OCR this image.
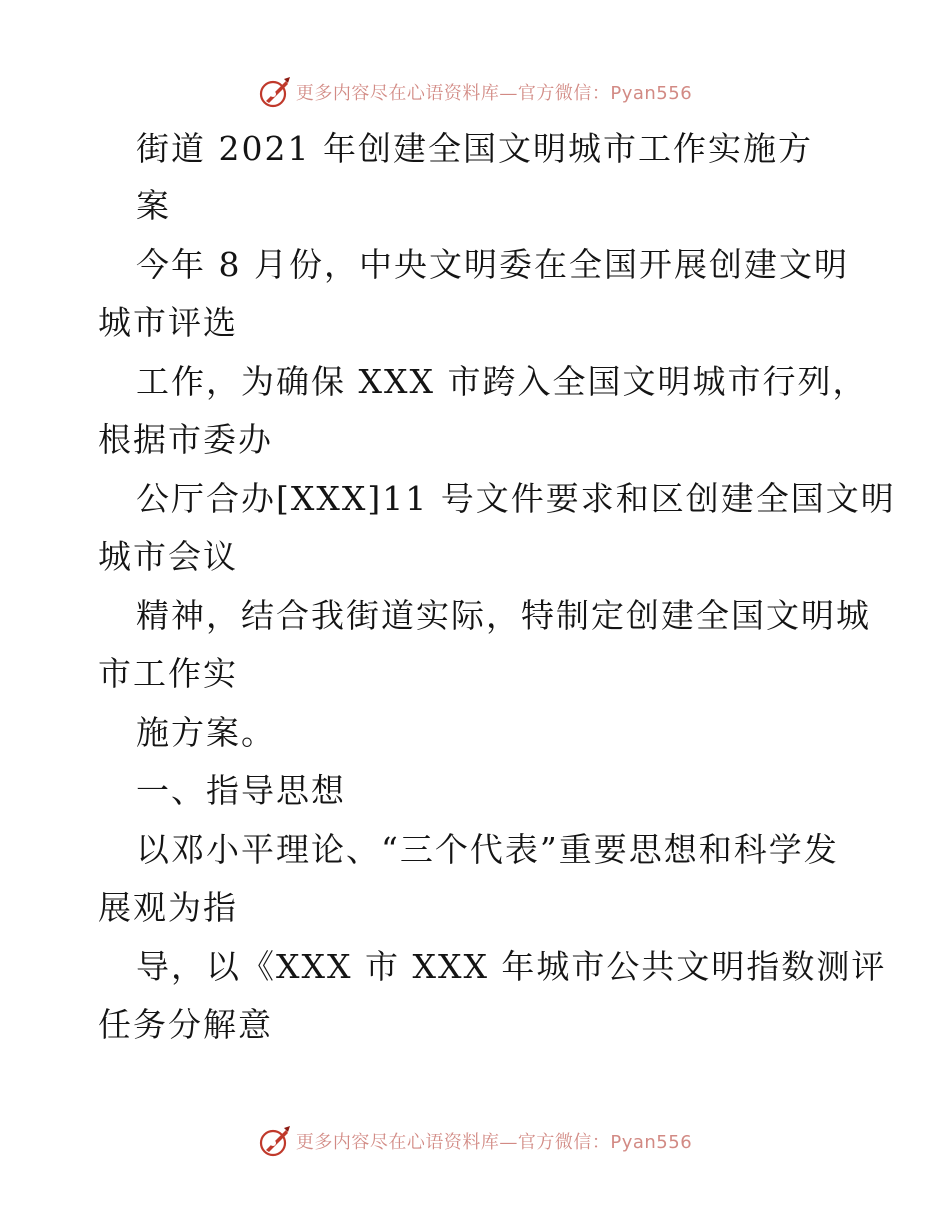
更多内容尽在心语资料库—官方微信：Pyan556
街道 2021 年创建全国文明城市工作实施方
案
今年 8 月份，中央文明委在全国开展创建文明
城市评选
工作，为确保 XXX 市跨入全国文明城市行列，
根据市委办
公厅合办[XXX]11 号文件要求和区创建全国文明
城市会议
精神，结合我街道实际，特制定创建全国文明城
市工作实
施方案。
一、指导思想
以邓小平理论、“三个代表”重要思想和科学发
展观为指
导，以《XXX 市 XXX 年城市公共文明指数测评
任务分解意
更多内容尽在心语资料库—官方微信：Pyan556
